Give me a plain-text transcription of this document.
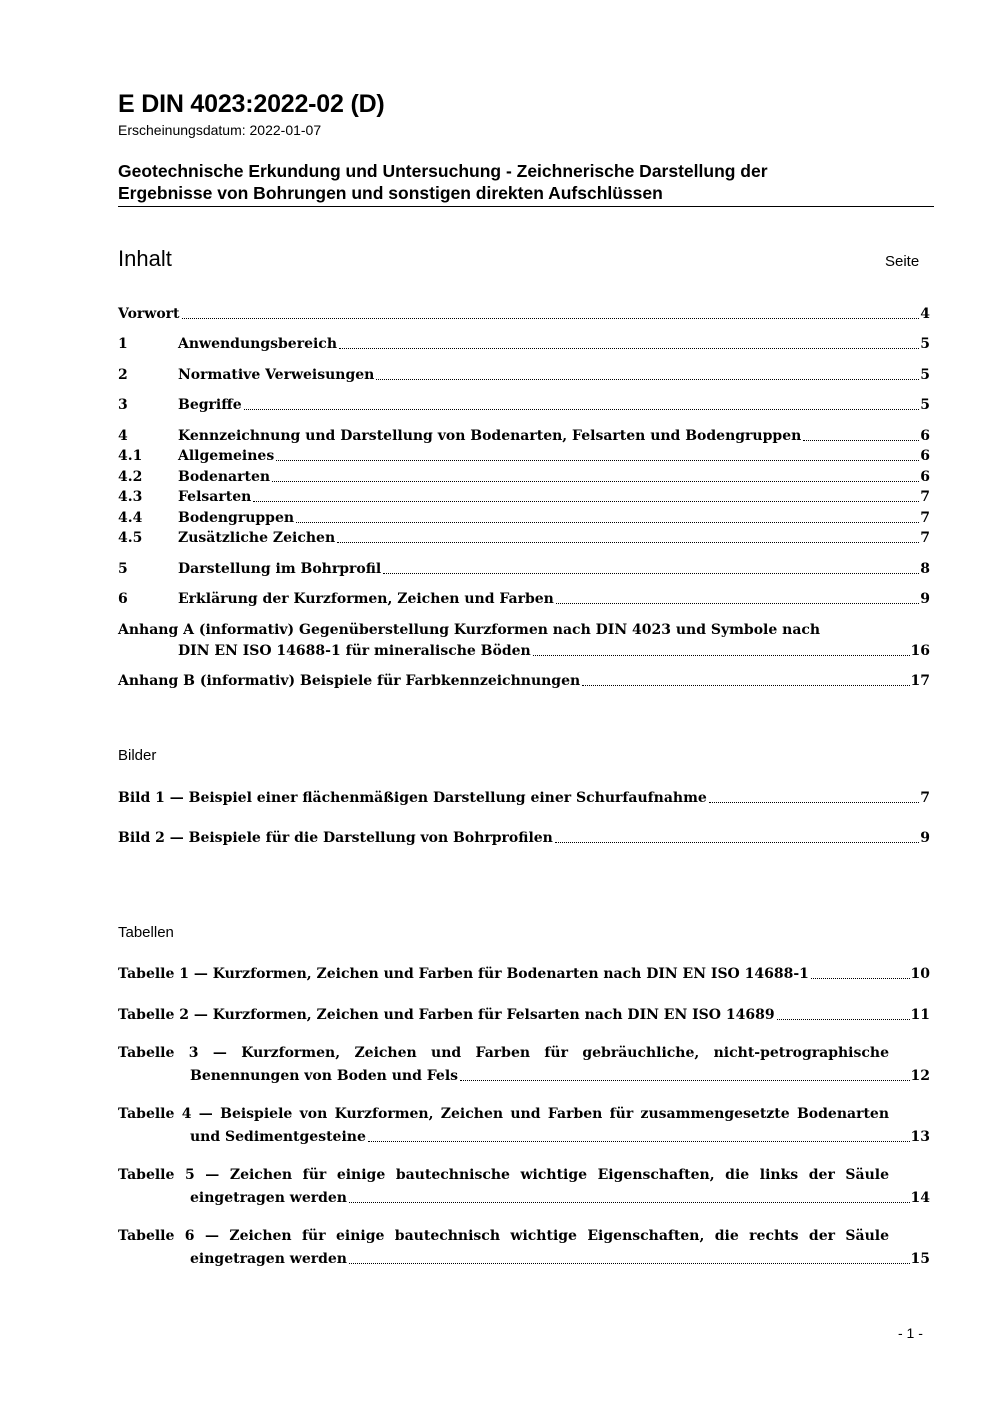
E DIN 4023:2022-02 (D)
Erscheinungsdatum: 2022-01-07
Geotechnische Erkundung und Untersuchung - Zeichnerische Darstellung der
Ergebnisse von Bohrungen und sonstigen direkten Aufschlüssen
Inhalt	Seite
Vorwort	4
1	Anwendungsbereich	5
2	Normative Verweisungen	5
3	Begriffe	5
4	Kennzeichnung und Darstellung von Bodenarten, Felsarten und Bodengruppen	6
4.1	Allgemeines	6
4.2	Bodenarten	6
4.3	Felsarten	7
4.4	Bodengruppen	7
4.5	Zusätzliche Zeichen	7
5	Darstellung im Bohrprofil	8
6	Erklärung der Kurzformen, Zeichen und Farben	9
Anhang A (informativ) Gegenüberstellung Kurzformen nach DIN 4023 und Symbole nach
DIN EN ISO 14688-1 für mineralische Böden	16
Anhang B (informativ) Beispiele für Farbkennzeichnungen	17
Bilder
Bild 1 — Beispiel einer flächenmäßigen Darstellung einer Schurfaufnahme	7
Bild 2 — Beispiele für die Darstellung von Bohrprofilen	9
Tabellen
Tabelle 1 — Kurzformen, Zeichen und Farben für Bodenarten nach DIN EN ISO 14688-1	10
Tabelle 2 — Kurzformen, Zeichen und Farben für Felsarten nach DIN EN ISO 14689	11
Tabelle 3 — Kurzformen, Zeichen und Farben für gebräuchliche, nicht-petrographische
Benennungen von Boden und Fels	12
Tabelle 4 — Beispiele von Kurzformen, Zeichen und Farben für zusammengesetzte Bodenarten
und Sedimentgesteine	13
Tabelle 5 — Zeichen für einige bautechnische wichtige Eigenschaften, die links der Säule
eingetragen werden	14
Tabelle 6 — Zeichen für einige bautechnisch wichtige Eigenschaften, die rechts der Säule
eingetragen werden	15
- 1 -
